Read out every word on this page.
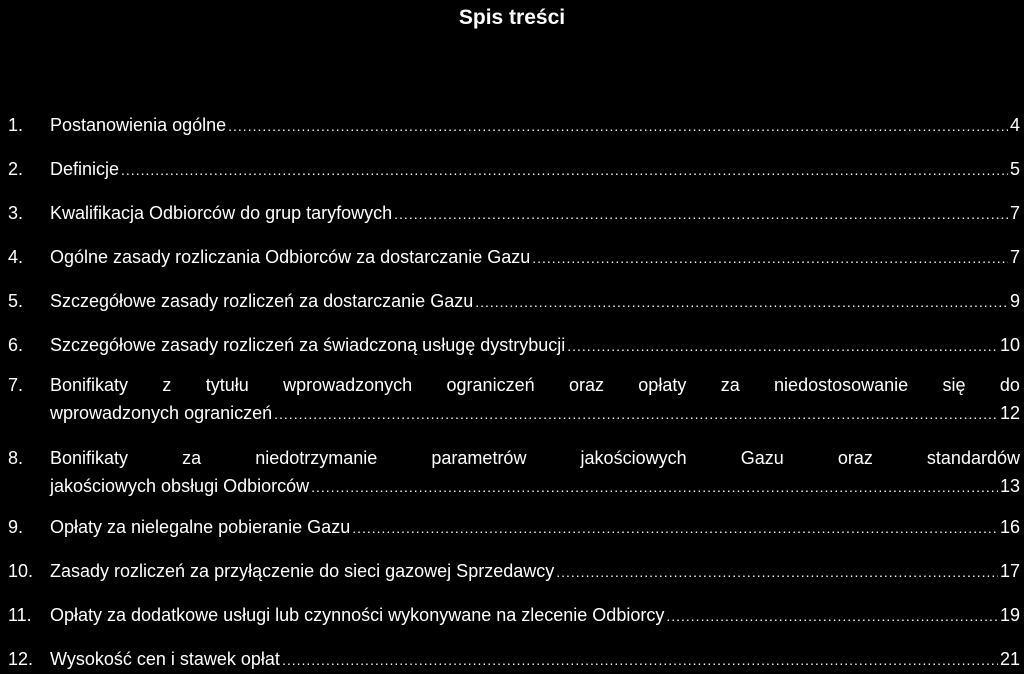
Spis treści
1. Postanowienia ogólne .....	4
2. Definicje .....	5
3. Kwalifikacja Odbiorców do grup taryfowych .....	7
4. Ogólne zasady rozliczania Odbiorców za dostarczanie Gazu .....	7
5. Szczegółowe zasady rozliczeń za dostarczanie Gazu .....	9
6. Szczegółowe zasady rozliczeń za świadczoną usługę dystrybucji .....	10
7. Bonifikaty z tytułu wprowadzonych ograniczeń oraz opłaty za niedostosowanie się do
wprowadzonych ograniczeń .....	12
8. Bonifikaty	za	niedotrzymanie	parametrów	jakościowych	Gazu	oraz	standardów
jakościowych obsługi Odbiorców .....	13
9. Opłaty za nielegalne pobieranie Gazu .....	16
10. Zasady rozliczeń za przyłączenie do sieci gazowej Sprzedawcy .....	17
11. Opłaty za dodatkowe usługi lub czynności wykonywane na zlecenie Odbiorcy .....	19
12. Wysokość cen i stawek opłat .....	21
